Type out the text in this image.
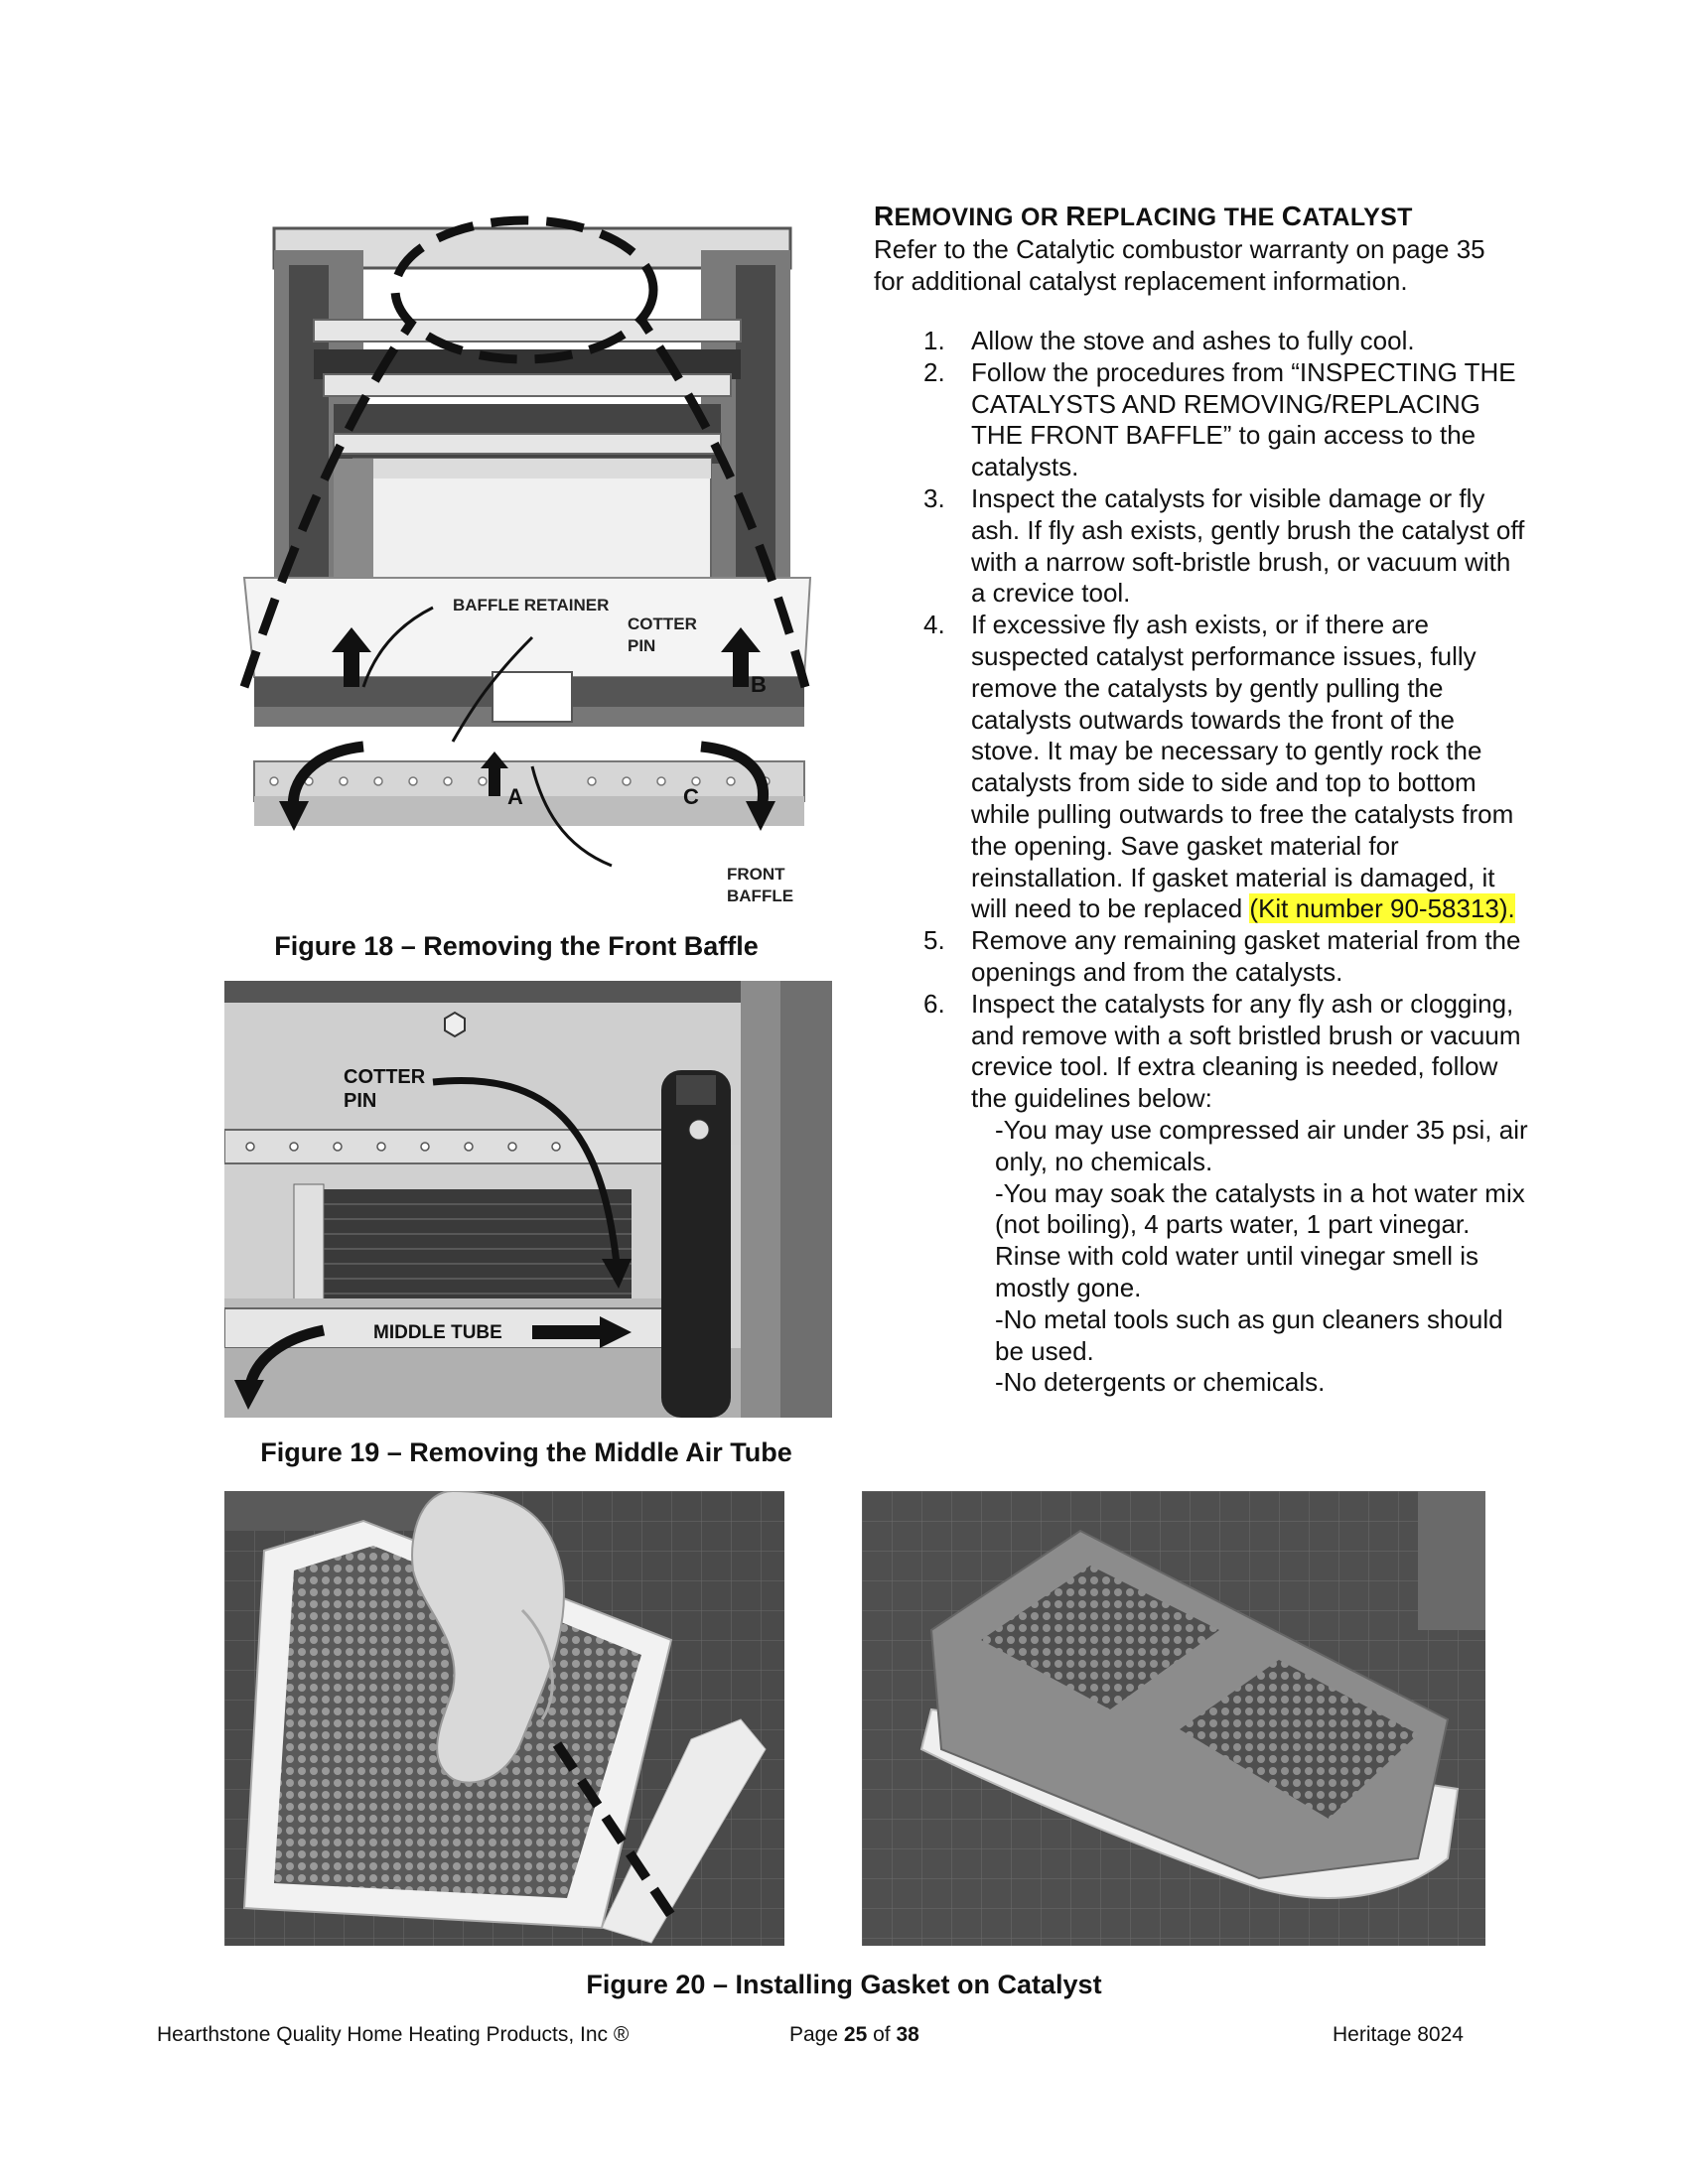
REMOVING OR REPLACING THE CATALYST
Refer to the Catalytic combustor warranty on page 35 for additional catalyst replacement information.
1. Allow the stove and ashes to fully cool.
2. Follow the procedures from “INSPECTING THE CATALYSTS AND REMOVING/REPLACING THE FRONT BAFFLE” to gain access to the catalysts.
3. Inspect the catalysts for visible damage or fly ash. If fly ash exists, gently brush the catalyst off with a narrow soft-bristle brush, or vacuum with a crevice tool.
4. If excessive fly ash exists, or if there are suspected catalyst performance issues, fully remove the catalysts by gently pulling the catalysts outwards towards the front of the stove. It may be necessary to gently rock the catalysts from side to side and top to bottom while pulling outwards to free the catalysts from the opening. Save gasket material for reinstallation. If gasket material is damaged, it will need to be replaced (Kit number 90-58313).
5. Remove any remaining gasket material from the openings and from the catalysts.
6. Inspect the catalysts for any fly ash or clogging, and remove with a soft bristled brush or vacuum crevice tool. If extra cleaning is needed, follow the guidelines below:
-You may use compressed air under 35 psi, air only, no chemicals.
-You may soak the catalysts in a hot water mix (not boiling), 4 parts water, 1 part vinegar. Rinse with cold water until vinegar smell is mostly gone.
-No metal tools such as gun cleaners should be used.
-No detergents or chemicals.
BAFFLE RETAINER
COTTER
PIN
FRONT
BAFFLE
A
B
C
Figure 18 – Removing the Front Baffle
COTTER
PIN
MIDDLE TUBE
Figure 19 – Removing the Middle Air Tube
Figure 20 – Installing Gasket on Catalyst
Hearthstone Quality Home Heating Products, Inc ®	Page 25 of 38	Heritage 8024
